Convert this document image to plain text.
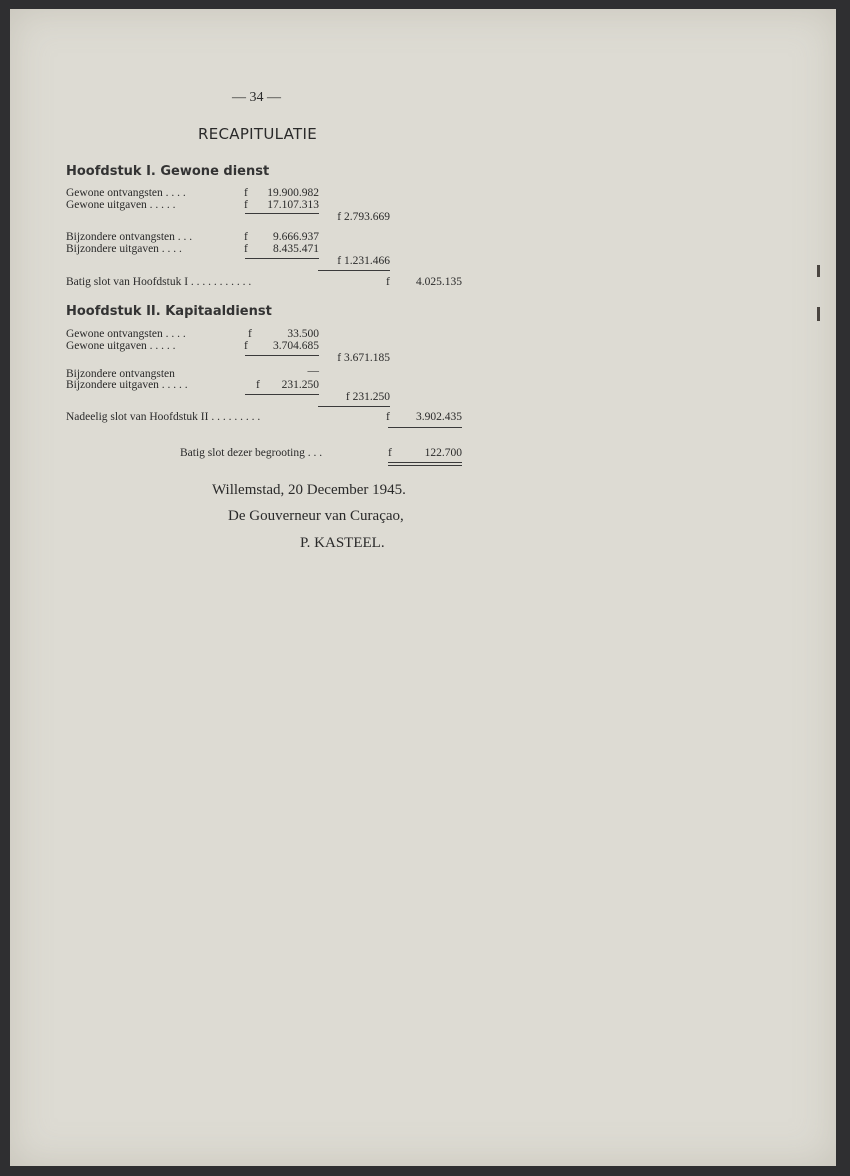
— 34 —
RECAPITULATIE
Hoofdstuk I. Gewone dienst
Gewone ontvangsten . . . .	f	19.900.982
Gewone uitgaven . . . . .	f	17.107.313
f 2.793.669
Bijzondere ontvangsten . . .	f	9.666.937
Bijzondere uitgaven . . . .	f	8.435.471
f 1.231.466
Batig slot van Hoofdstuk I . . . . . . . . . . .	f	4.025.135
Hoofdstuk II. Kapitaaldienst
Gewone ontvangsten . . . .	f	33.500
Gewone uitgaven . . . . .	f	3.704.685
f 3.671.185
Bijzondere ontvangsten	—
Bijzondere uitgaven . . . . .	f	231.250
f 231.250
Nadeelig slot van Hoofdstuk II . . . . . . . . .	f	3.902.435
Batig slot dezer begrooting . . .	f	122.700
Willemstad, 20 December 1945.
De Gouverneur van Curaçao,
P. KASTEEL.
